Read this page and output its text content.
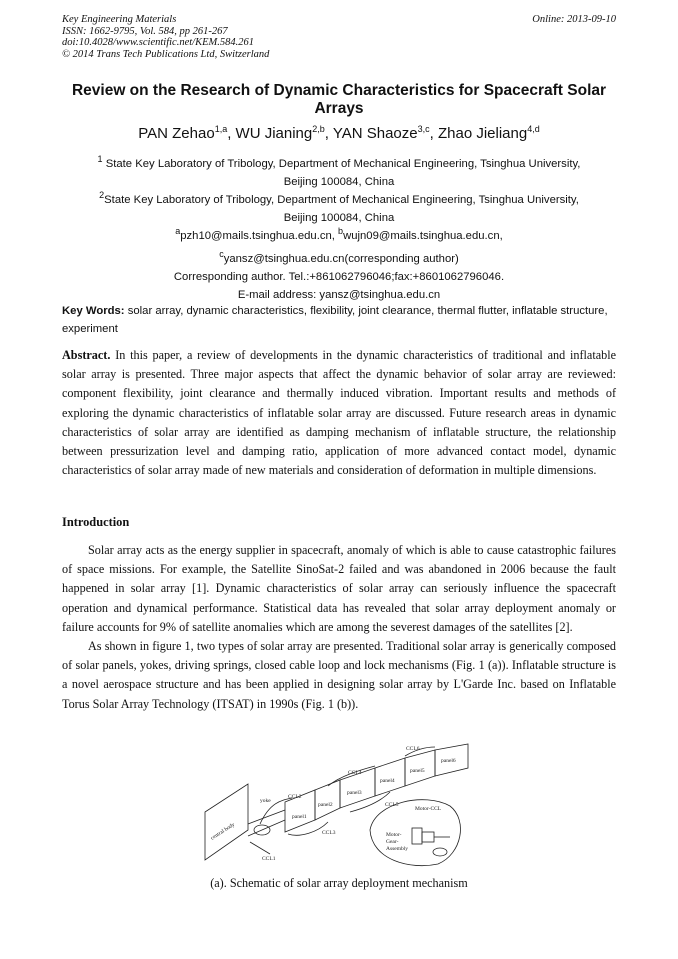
Key Engineering Materials
ISSN: 1662-9795, Vol. 584, pp 261-267
doi:10.4028/www.scientific.net/KEM.584.261
© 2014 Trans Tech Publications Ltd, Switzerland
Online: 2013-09-10
Review on the Research of Dynamic Characteristics for Spacecraft Solar Arrays
PAN Zehao$^{1,a}$, WU Jianing$^{2,b}$, YAN Shaoze$^{3,c}$, Zhao Jieliang$^{4,d}$
$^1$ State Key Laboratory of Tribology, Department of Mechanical Engineering, Tsinghua University,
Beijing 100084, China
$^2$State Key Laboratory of Tribology, Department of Mechanical Engineering, Tsinghua University,
Beijing 100084, China
$^a$pzh10@mails.tsinghua.edu.cn, $^b$wujn09@mails.tsinghua.edu.cn,
$^c$yansz@tsinghua.edu.cn(corresponding author)
Corresponding author. Tel.:+861062796046;fax:+8601062796046.
E-mail address: yansz@tsinghua.edu.cn
Key Words: solar array, dynamic characteristics, flexibility, joint clearance, thermal flutter, inflatable structure, experiment
Abstract. In this paper, a review of developments in the dynamic characteristics of traditional and inflatable solar array is presented. Three major aspects that affect the dynamic behavior of solar array are reviewed: component flexibility, joint clearance and thermally induced vibration. Important results and methods of exploring the dynamic characteristics of inflatable solar array are discussed. Future research areas in dynamic characteristics of solar array are identified as damping mechanism of inflatable structure, the relationship between pressurization level and damping ratio, application of more advanced contact model, dynamic characteristics of solar array made of new materials and consideration of deformation in multiple dimensions.
Introduction
Solar array acts as the energy supplier in spacecraft, anomaly of which is able to cause catastrophic failures of space missions. For example, the Satellite SinoSat-2 failed and was abandoned in 2006 because the fault happened in solar array [1]. Dynamic characteristics of solar array can seriously influence the spacecraft operation and dynamical performance. Statistical data has revealed that solar array deployment anomaly or failure accounts for 9% of satellite anomalies which are among the severest damages of the satellites [2].
As shown in figure 1, two types of solar array are presented. Traditional solar array is generically composed of solar panels, yokes, driving springs, closed cable loop and lock mechanisms (Fig. 1 (a)). Inflatable structure is a novel aerospace structure and has been applied in designing solar array by L'Garde Inc. based on Inflatable Torus Solar Array Technology (ITSAT) in 1990s (Fig. 1 (b)).
central body
yoke
CCL1
CCL2
CCL3
CCL4
CCL5
CCL6
panel1
panel2
panel3
panel4
panel5
panel6
Motor-CCL
Motor-
Gear-
Assembly
(a). Schematic of solar array deployment mechanism
